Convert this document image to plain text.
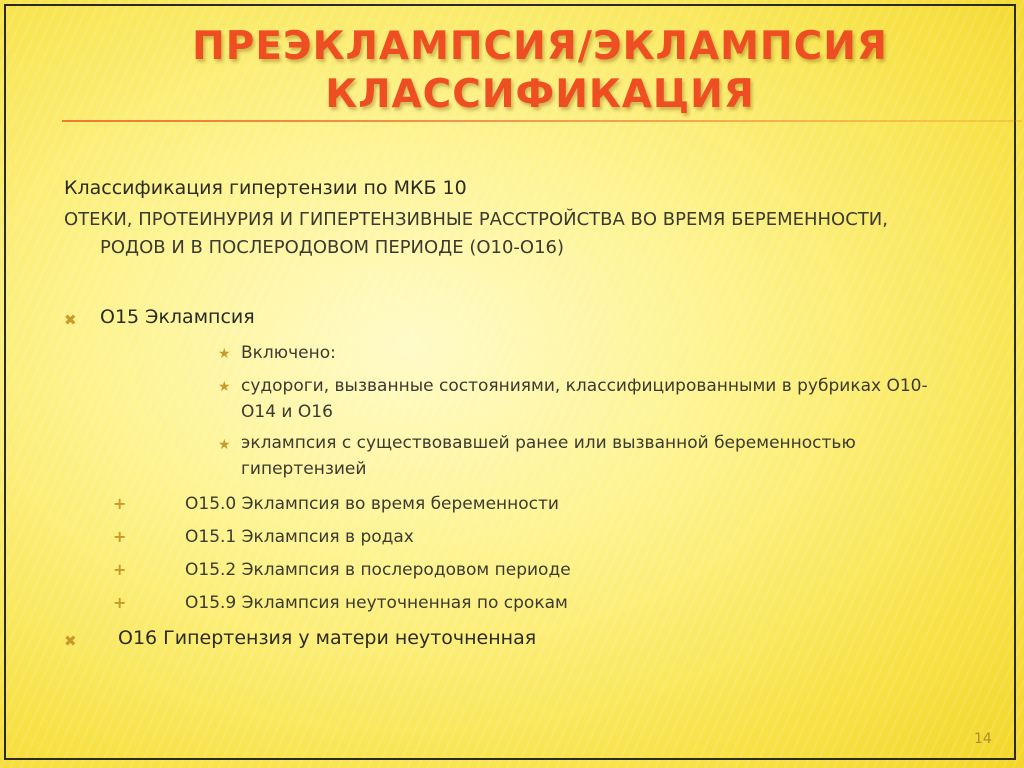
ПРЕЭКЛАМПСИЯ/ЭКЛАМПСИЯ
КЛАССИФИКАЦИЯ

Классификация гипертензии по МКБ 10

ОТЕКИ, ПРОТЕИНУРИЯ И ГИПЕРТЕНЗИВНЫЕ РАССТРОЙСТВА ВО ВРЕМЯ БЕРЕМЕННОСТИ,

РОДОВ И В ПОСЛЕРОДОВОМ ПЕРИОДЕ (О10-О16)

✖ О15 Эклампсия

★ Включено:

★ судороги, вызванные состояниями, классифицированными в рубриках О10-

О14 и О16

★ эклампсия с существовавшей ранее или вызванной беременностью

гипертензией

+	О15.0 Эклампсия во время беременности

+	О15.1 Эклампсия в родах

+	О15.2 Эклампсия в послеродовом периоде

+	О15.9 Эклампсия неуточненная по срокам

✖ О16 Гипертензия у матери неуточненная

14
